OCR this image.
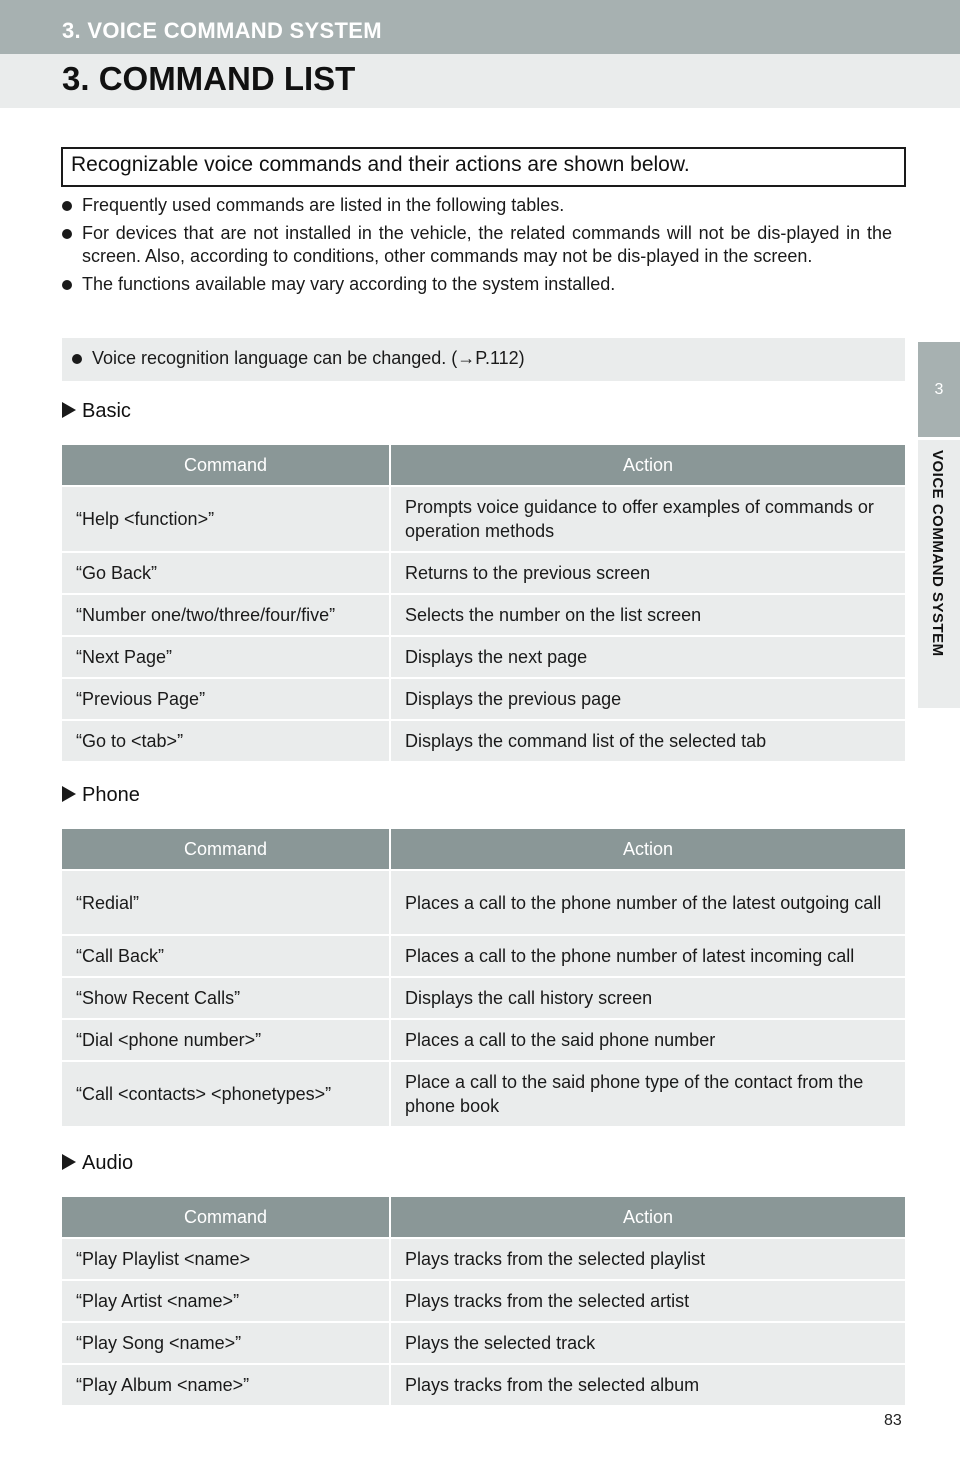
3. VOICE COMMAND SYSTEM
3. COMMAND LIST
3
VOICE COMMAND SYSTEM
Recognizable voice commands and their actions are shown below.
Frequently used commands are listed in the following tables.
For devices that are not installed in the vehicle, the related commands will not be dis-played in the screen. Also, according to conditions, other commands may not be dis-played in the screen.
The functions available may vary according to the system installed.
Voice recognition language can be changed. (→P.112)
Basic
Command	Action
“Help <function>”	Prompts voice guidance to offer examples of commands or operation methods
“Go Back”	Returns to the previous screen
“Number one/two/three/four/five”	Selects the number on the list screen
“Next Page”	Displays the next page
“Previous Page”	Displays the previous page
“Go to <tab>”	Displays the command list of the selected tab
Phone
Command	Action
“Redial”	Places a call to the phone number of the latest outgoing call
“Call Back”	Places a call to the phone number of latest incoming call
“Show Recent Calls”	Displays the call history screen
“Dial <phone number>”	Places a call to the said phone number
“Call <contacts> <phonetypes>”	Place a call to the said phone type of the contact from the phone book
Audio
Command	Action
“Play Playlist <name>	Plays tracks from the selected playlist
“Play Artist <name>”	Plays tracks from the selected artist
“Play Song <name>”	Plays the selected track
“Play Album <name>”	Plays tracks from the selected album
83
